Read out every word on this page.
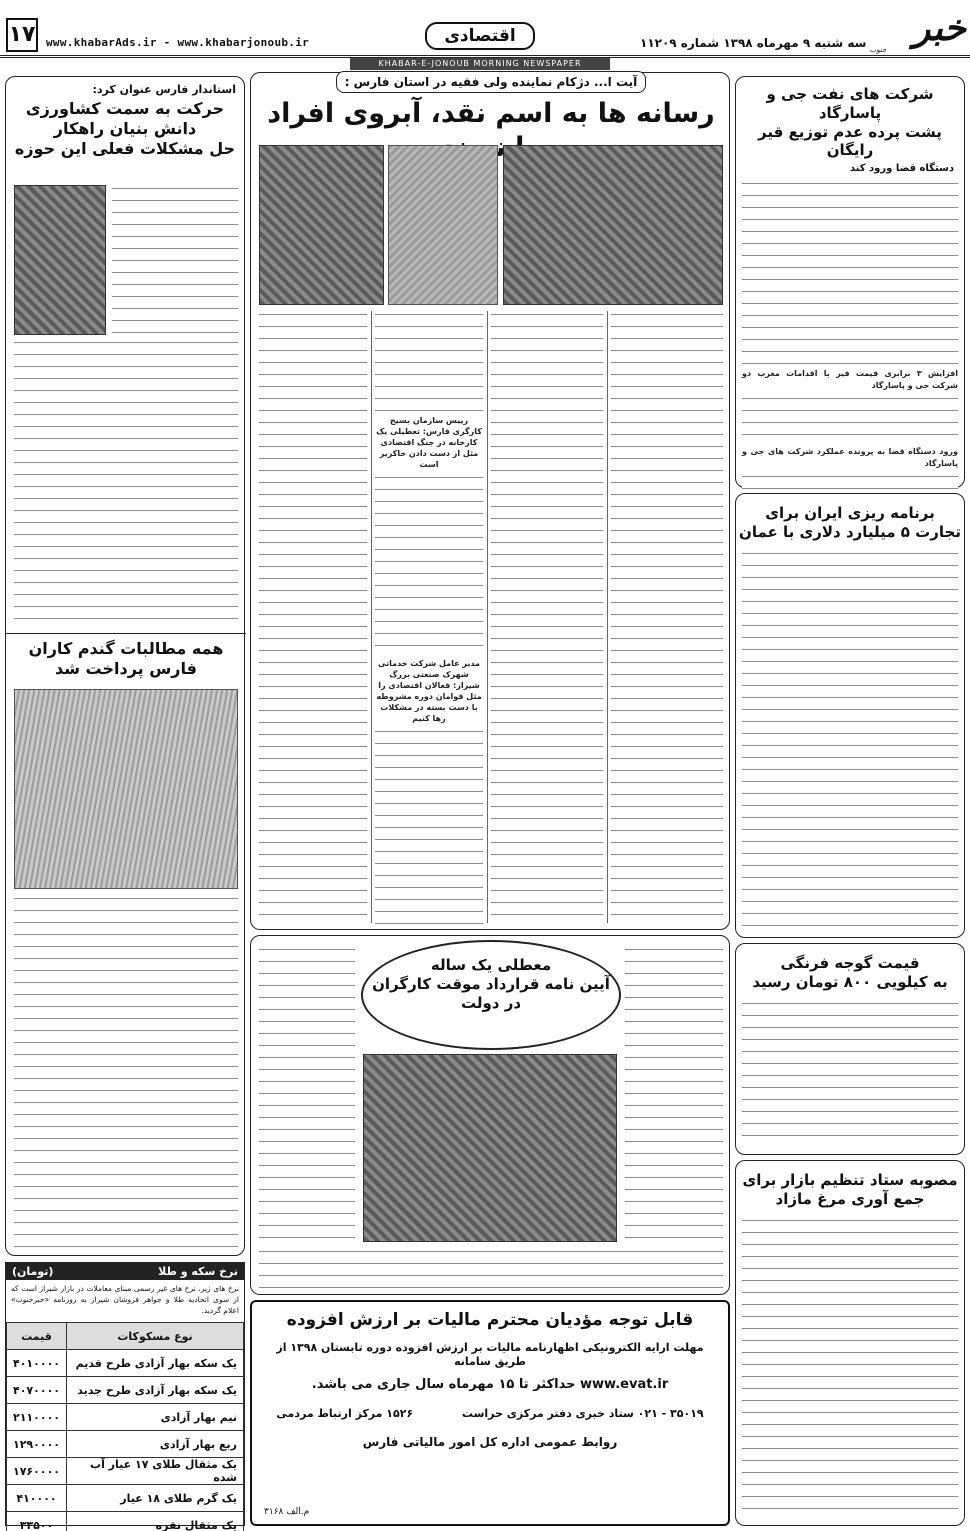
۱۷ www.khabarAds.ir - www.khabarjonoub.ir	اقتصادی	سه شنبه ۹ مهرماه ۱۳۹۸ شماره ۱۱۲۰۹	خبر
جنوب
KHABAR-E-JONOUB MORNING NEWSPAPER
شرکت های نفت جی و پاسارگاد
پشت پرده عدم توزیع قیر رایگان
دستگاه قضا ورود کند
افزایش ۳ برابری قیمت قیر با اقدامات مغرب دو شرکت جی و پاسارگاد
ورود دستگاه قضا به پرونده عملکرد شرکت های جی و پاسارگاد
برنامه ریزی ایران برای
تجارت ۵ میلیارد دلاری با عمان
قیمت گوجه فرنگی
به کیلویی ۸۰۰ تومان رسید
مصوبه ستاد تنظیم بازار برای
جمع آوری مرغ مازاد
آیت ا... دژکام نماینده ولی فقیه در استان فارس :
رسانه ها به اسم نقد، آبروی افراد
رییس سازمان بسیج کارگری فارس: تعطیلی یک کارخانه در جنگ اقتصادی مثل از دست دادن خاکریز است
مدیر عامل شرکت خدماتی شهرک صنعتی بزرگ شیراز: فعالان اقتصادی را مثل قوامان دوره مشروطه با دست بسته در مشکلات رها کنیم
معطلی یک ساله
آیین نامه قرارداد موقت کارگران
در دولت
قابل توجه مؤدیان محترم مالیات بر ارزش افزوده
مهلت ارایه الکترونیکی اظهارنامه مالیات بر ارزش افزوده دوره تابستان ۱۳۹۸ از طریق سامانه
www.evat.ir حداکثر تا ۱۵ مهرماه سال جاری می باشد.
۳۵۰۱۹ - ۰۲۱ ستاد خبری دفتر مرکزی حراست
۱۵۲۶ مرکز ارتباط مردمی
روابط عمومی اداره کل امور مالیاتی فارس
م.الف ۳۱۶۸
استاندار فارس عنوان کرد:
حرکت به سمت کشاورزی
دانش بنیان راهکار
حل مشکلات فعلی این حوزه
همه مطالبات گندم کاران
فارس پرداخت شد
نرخ سکه و طلا
(تومان)
نرخ های زیر، نرخ های غیر رسمی مبنای معاملات در بازار شیراز است که از سوی اتحادیه طلا و جواهر فروشان شیراز به روزنامه «خبرجنوب» اعلام گردید.
نوع مسکوکات	قیمت
یک سکه بهار آزادی طرح قدیم	۴۰۱۰۰۰۰
یک سکه بهار آزادی طرح جدید	۴۰۷۰۰۰۰
نیم بهار آزادی	۲۱۱۰۰۰۰
ربع بهار آزادی	۱۲۹۰۰۰۰
یک مثقال طلای ۱۷ عیار آب شده	۱۷۶۰۰۰۰
یک گرم طلای ۱۸ عیار	۴۱۰۰۰۰
یک مثقال نقره	۳۳۵۰۰
